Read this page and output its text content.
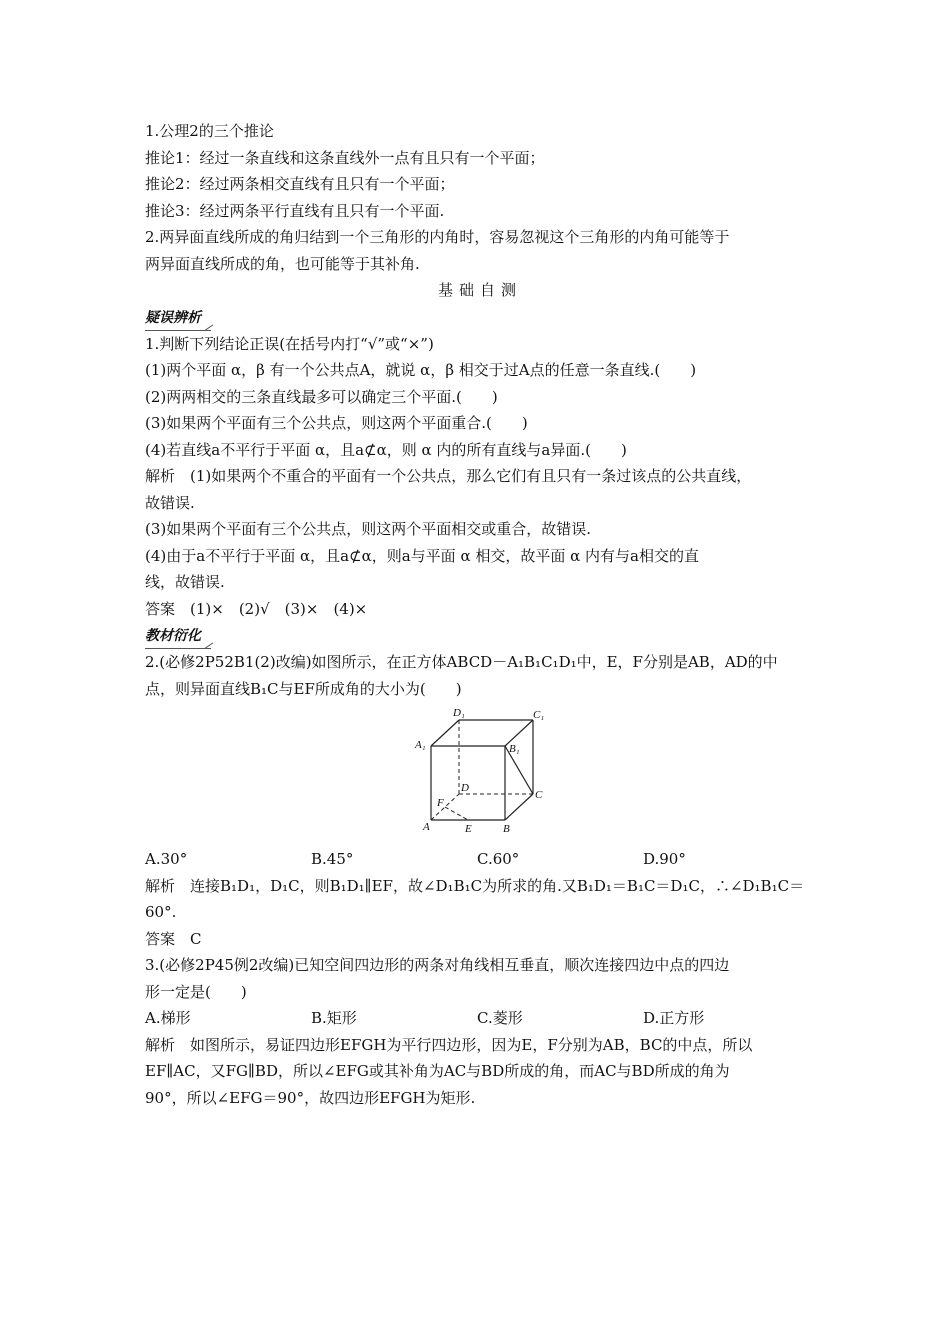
1.公理2的三个推论
推论1：经过一条直线和这条直线外一点有且只有一个平面；
推论2：经过两条相交直线有且只有一个平面；
推论3：经过两条平行直线有且只有一个平面.
2.两异面直线所成的角归结到一个三角形的内角时，容易忽视这个三角形的内角可能等于
两异面直线所成的角，也可能等于其补角.
基础自测
疑误辨析
1.判断下列结论正误(在括号内打“√”或“×”)
(1)两个平面 α，β 有一个公共点A，就说 α，β 相交于过A点的任意一条直线.(　　)
(2)两两相交的三条直线最多可以确定三个平面.(　　)
(3)如果两个平面有三个公共点，则这两个平面重合.(　　)
(4)若直线a不平行于平面 α，且a⊄α，则 α 内的所有直线与a异面.(　　)
解析　(1)如果两个不重合的平面有一个公共点，那么它们有且只有一条过该点的公共直线，
故错误.
(3)如果两个平面有三个公共点，则这两个平面相交或重合，故错误.
(4)由于a不平行于平面 α，且a⊄α，则a与平面 α 相交，故平面 α 内有与a相交的直
线，故错误.
答案　(1)×　(2)√　(3)×　(4)×
教材衍化
2.(必修2P52B1(2)改编)如图所示，在正方体ABCD－A₁B₁C₁D₁中，E，F分别是AB，AD的中
点，则异面直线B₁C与EF所成角的大小为(　　)
D₁	C₁
A₁	B₁
D
C
F
A	E	B
A.30°	B.45°	C.60°	D.90°
解析　连接B₁D₁，D₁C，则B₁D₁∥EF，故∠D₁B₁C为所求的角.又B₁D₁＝B₁C＝D₁C，∴∠D₁B₁C＝
60°.
答案　C
3.(必修2P45例2改编)已知空间四边形的两条对角线相互垂直，顺次连接四边中点的四边
形一定是(　　)
A.梯形	B.矩形	C.菱形	D.正方形
解析　如图所示，易证四边形EFGH为平行四边形，因为E，F分别为AB，BC的中点，所以
EF∥AC，又FG∥BD，所以∠EFG或其补角为AC与BD所成的角，而AC与BD所成的角为
90°，所以∠EFG＝90°，故四边形EFGH为矩形.
